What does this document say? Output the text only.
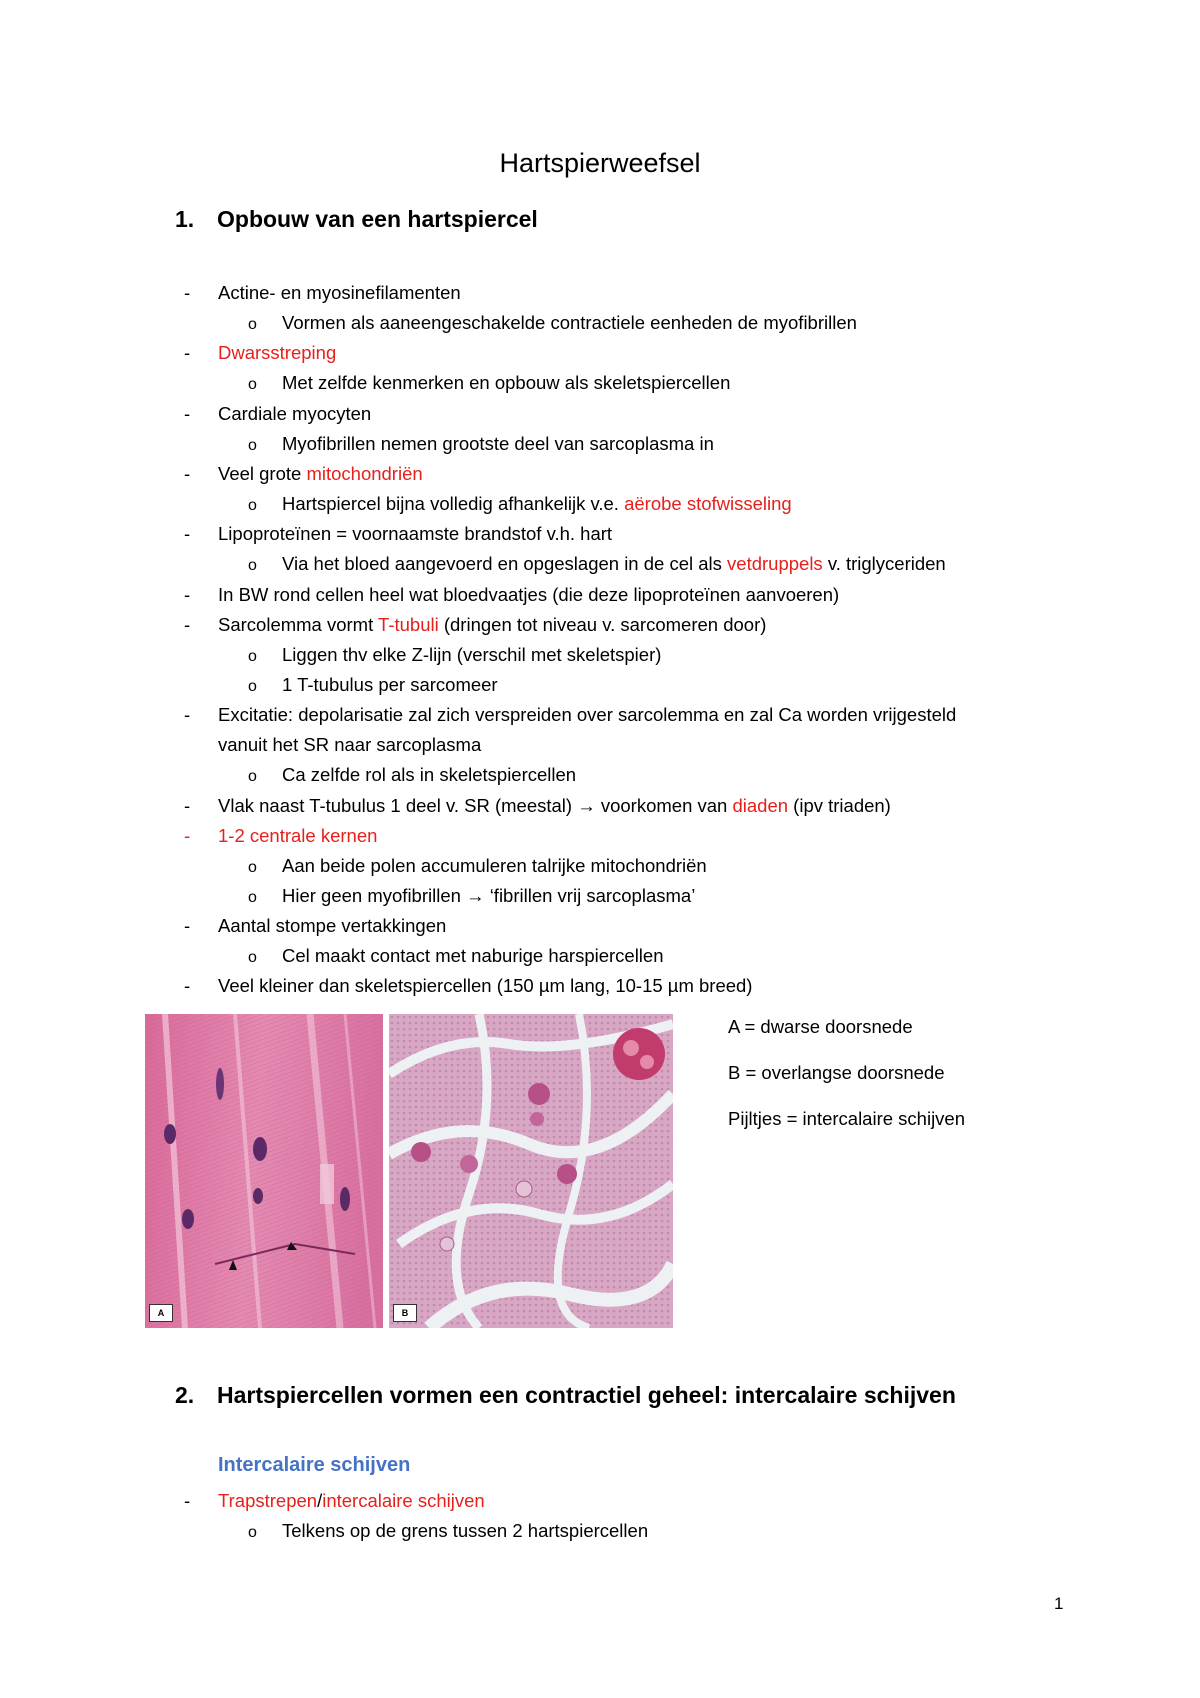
Hartspierweefsel
1. Opbouw van een hartspiercel
- Actine- en myosinefilamenten
o Vormen als aaneengeschakelde contractiele eenheden de myofibrillen
- Dwarsstreping
o Met zelfde kenmerken en opbouw als skeletspiercellen
- Cardiale myocyten
o Myofibrillen nemen grootste deel van sarcoplasma in
- Veel grote mitochondriën
o Hartspiercel bijna volledig afhankelijk v.e. aërobe stofwisseling
- Lipoproteïnen = voornaamste brandstof v.h. hart
o Via het bloed aangevoerd en opgeslagen in de cel als vetdruppels v. triglyceriden
- In BW rond cellen heel wat bloedvaatjes (die deze lipoproteïnen aanvoeren)
- Sarcolemma vormt T-tubuli (dringen tot niveau v. sarcomeren door)
o Liggen thv elke Z-lijn (verschil met skeletspier)
o 1 T-tubulus per sarcomeer
- Excitatie: depolarisatie zal zich verspreiden over sarcolemma en zal Ca worden vrijgesteld
vanuit het SR naar sarcoplasma
o Ca zelfde rol als in skeletspiercellen
- Vlak naast T-tubulus 1 deel v. SR (meestal) → voorkomen van diaden (ipv triaden)
- 1-2 centrale kernen
o Aan beide polen accumuleren talrijke mitochondriën
o Hier geen myofibrillen → ‘fibrillen vrij sarcoplasma’
- Aantal stompe vertakkingen
o Cel maakt contact met naburige harspiercellen
- Veel kleiner dan skeletspiercellen (150 µm lang, 10-15 µm breed)
A	B
A = dwarse doorsnede
B = overlangse doorsnede
Pijltjes = intercalaire schijven
2. Hartspiercellen vormen een contractiel geheel: intercalaire schijven
Intercalaire schijven
- Trapstrepen/intercalaire schijven
o Telkens op de grens tussen 2 hartspiercellen
1
